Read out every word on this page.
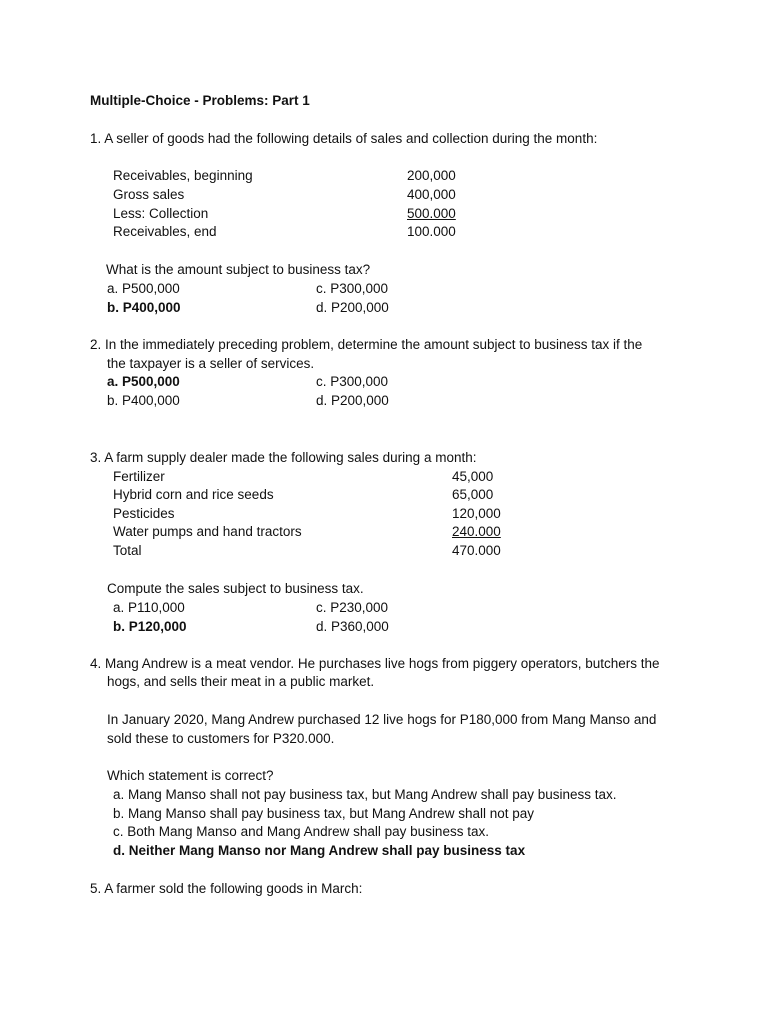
Multiple-Choice - Problems: Part 1
1. A seller of goods had the following details of sales and collection during the month:
Receivables, beginning	200,000
Gross sales	400,000
Less: Collection	500.000
Receivables, end	100.000
What is the amount subject to business tax?
a. P500,000	c. P300,000
b. P400,000	d. P200,000
2. In the immediately preceding problem, determine the amount subject to business tax if the
the taxpayer is a seller of services.
a. P500,000	c. P300,000
b. P400,000	d. P200,000
3. A farm supply dealer made the following sales during a month:
Fertilizer	45,000
Hybrid corn and rice seeds	65,000
Pesticides	120,000
Water pumps and hand tractors	240.000
Total	470.000
Compute the sales subject to business tax.
a. P110,000	c. P230,000
b. P120,000	d. P360,000
4. Mang Andrew is a meat vendor. He purchases live hogs from piggery operators, butchers the
hogs, and sells their meat in a public market.
In January 2020, Mang Andrew purchased 12 live hogs for P180,000 from Mang Manso and
sold these to customers for P320.000.
Which statement is correct?
a. Mang Manso shall not pay business tax, but Mang Andrew shall pay business tax.
b. Mang Manso shall pay business tax, but Mang Andrew shall not pay
c. Both Mang Manso and Mang Andrew shall pay business tax.
d. Neither Mang Manso nor Mang Andrew shall pay business tax
5. A farmer sold the following goods in March:
